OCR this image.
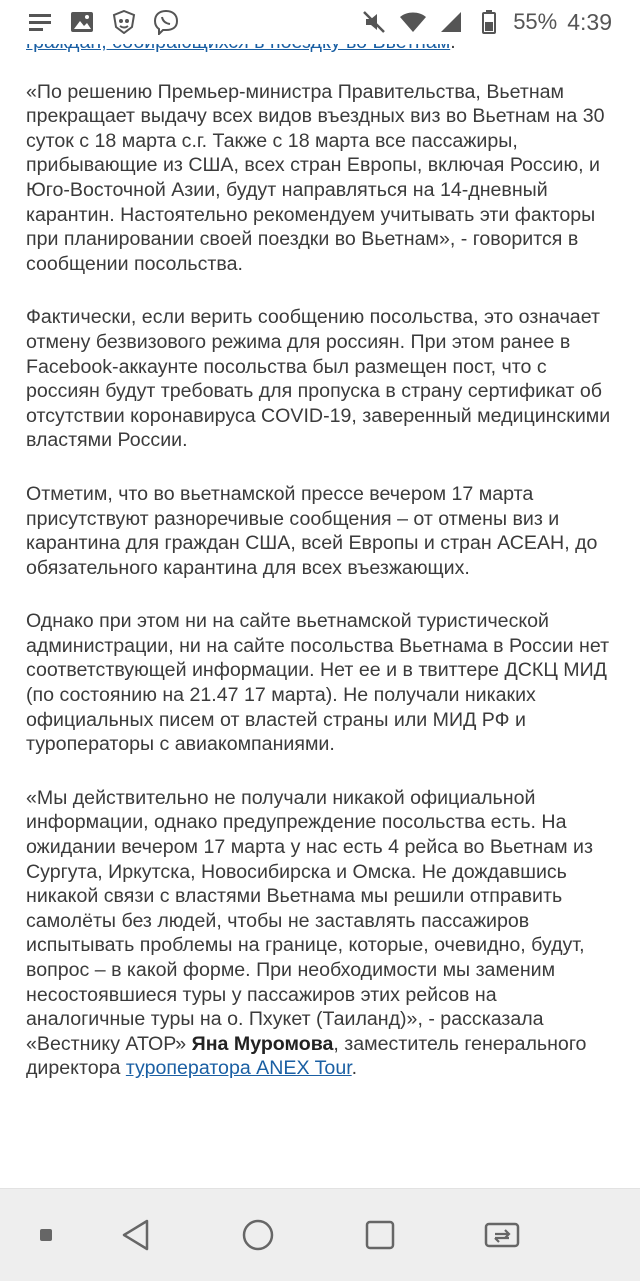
«По решению Премьер-министра Правительства, Вьетнам прекращает выдачу всех видов въездных виз во Вьетнам на 30 суток с 18 марта с.г. Также с 18 марта все пассажиры, прибывающие из США, всех стран Европы, включая Россию, и Юго-Восточной Азии, будут направляться на 14-дневный карантин. Настоятельно рекомендуем учитывать эти факторы при планировании своей поездки во Вьетнам», - говорится в сообщении посольства.

Фактически, если верить сообщению посольства, это означает отмену безвизового режима для россиян. При этом ранее в Facebook-аккаунте посольства был размещен пост, что с россиян будут требовать для пропуска в страну сертификат об отсутствии коронавируса COVID-19, заверенный медицинскими властями России.

Отметим, что во вьетнамской прессе вечером 17 марта присутствуют разноречивые сообщения – от отмены виз и карантина для граждан США, всей Европы и стран АСЕАН, до обязательного карантина для всех въезжающих.

Однако при этом ни на сайте вьетнамской туристической администрации, ни на сайте посольства Вьетнама в России нет соответствующей информации. Нет ее и в твиттере ДСКЦ МИД (по состоянию на 21.47 17 марта). Не получали никаких официальных писем от властей страны или МИД РФ и туроператоры с авиакомпаниями.

«Мы действительно не получали никакой официальной информации, однако предупреждение посольства есть. На ожидании вечером 17 марта у нас есть 4 рейса во Вьетнам из Сургута, Иркутска, Новосибирска и Омска. Не дождавшись никакой связи с властями Вьетнама мы решили отправить самолёты без людей, чтобы не заставлять пассажиров испытывать проблемы на границе, которые, очевидно, будут, вопрос – в какой форме. При необходимости мы заменим несостоявшиеся туры у пассажиров этих рейсов на аналогичные туры на о. Пхукет (Таиланд)», - рассказала «Вестнику АТОР» Яна Муромова, заместитель генерального директора туроператора ANEX Tour.

55% 4:39
